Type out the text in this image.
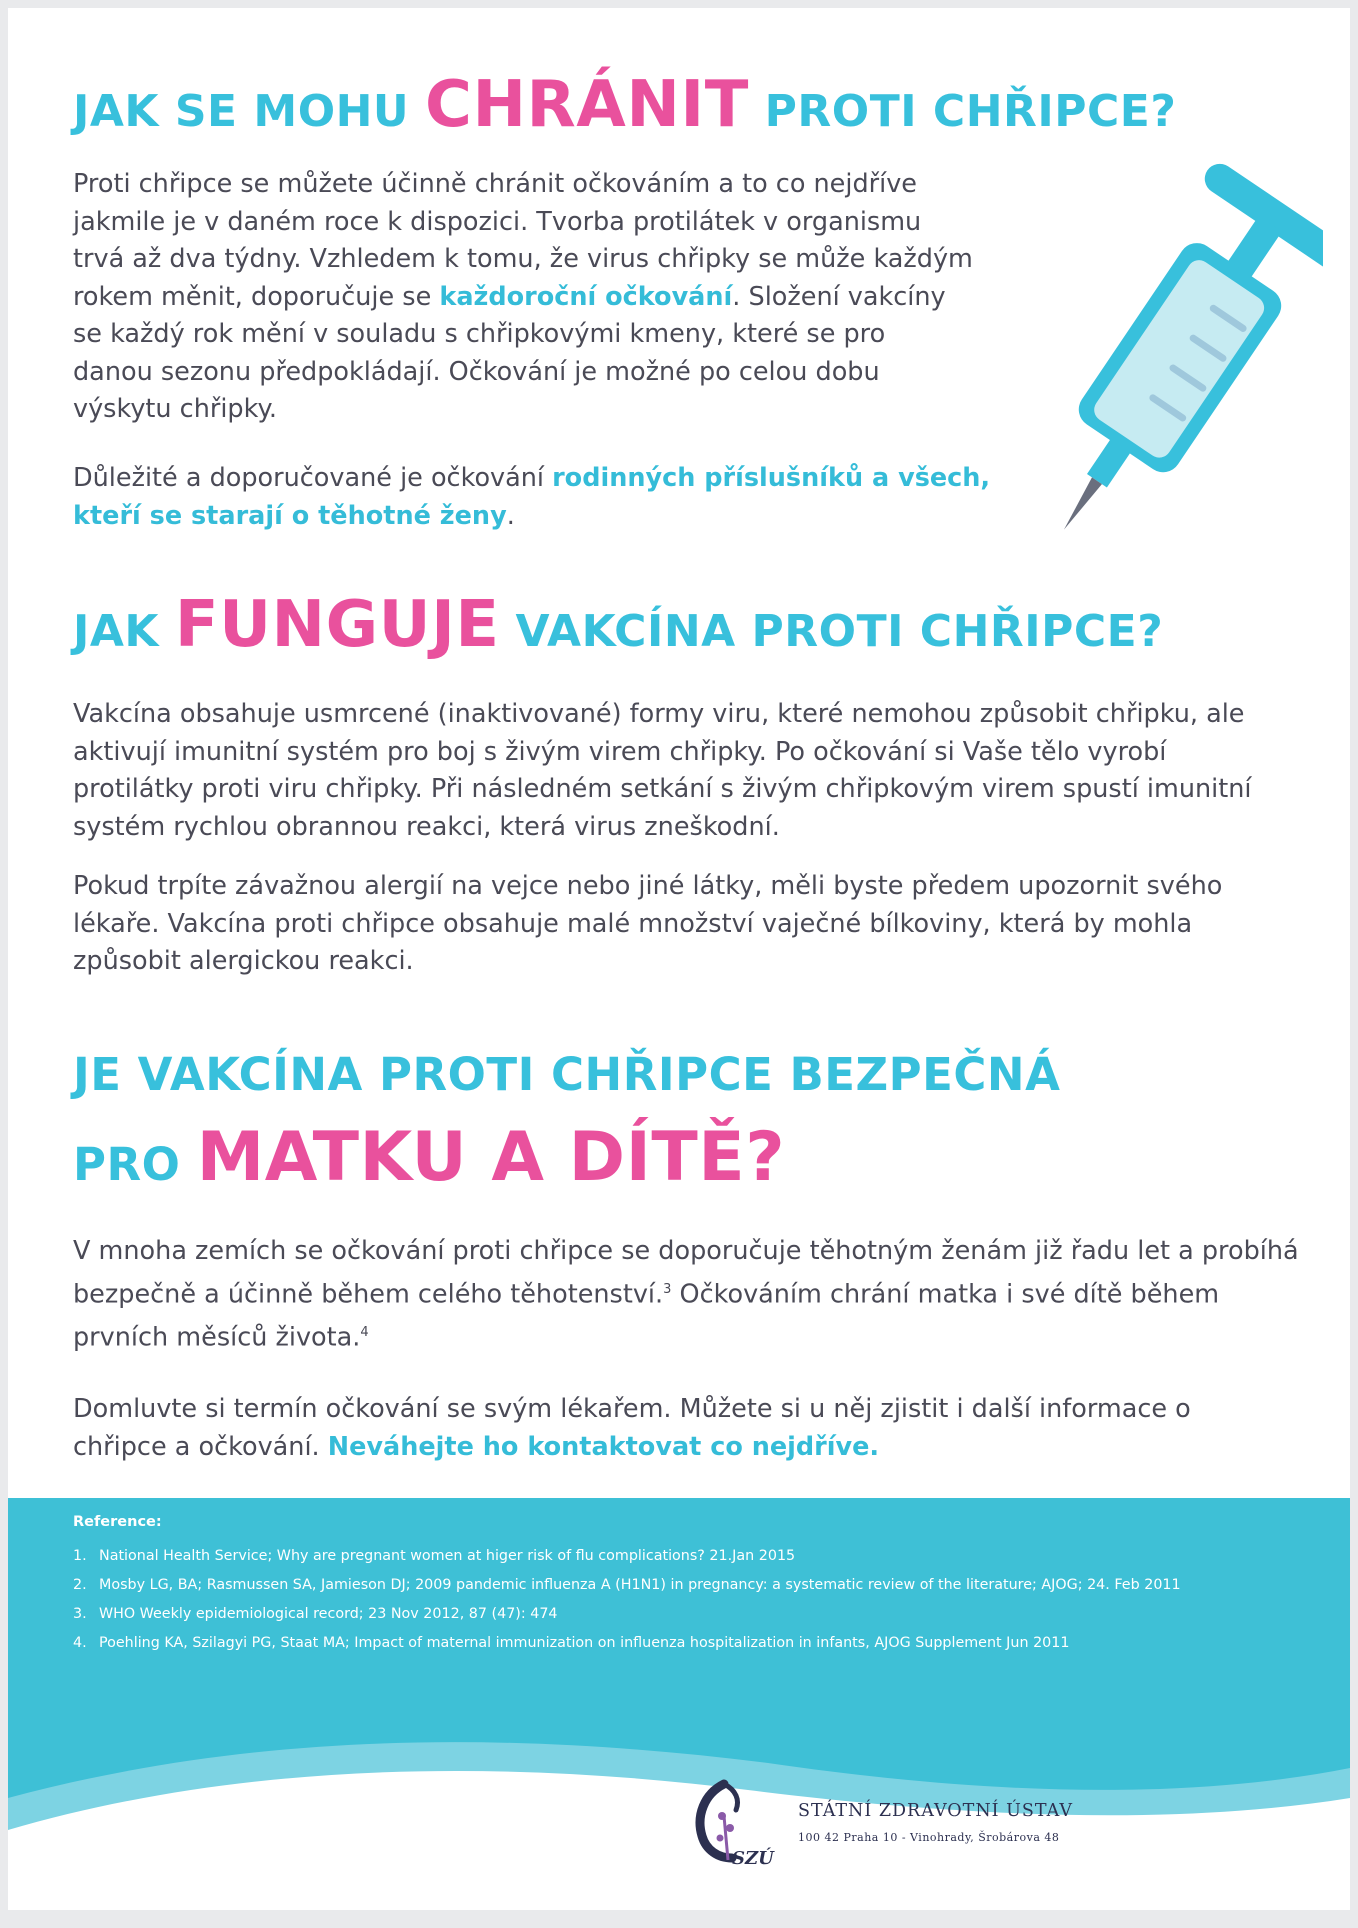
JAK SE MOHU CHRÁNIT PROTI CHŘIPCE?

Proti chřipce se můžete účinně chránit očkováním a to co nejdříve jakmile je v daném roce k dispozici. Tvorba protilátek v organismu trvá až dva týdny. Vzhledem k tomu, že virus chřipky se může každým rokem měnit, doporučuje se každoroční očkování. Složení vakcíny se každý rok mění v souladu s chřipkovými kmeny, které se pro danou sezonu předpokládají. Očkování je možné po celou dobu výskytu chřipky.

Důležité a doporučované je očkování rodinných příslušníků a všech, kteří se starají o těhotné ženy.

JAK FUNGUJE VAKCÍNA PROTI CHŘIPCE?

Vakcína obsahuje usmrcené (inaktivované) formy viru, které nemohou způsobit chřipku, ale aktivují imunitní systém pro boj s živým virem chřipky. Po očkování si Vaše tělo vyrobí protilátky proti viru chřipky. Při následném setkání s živým chřipkovým virem spustí imunitní systém rychlou obrannou reakci, která virus zneškodní.

Pokud trpíte závažnou alergií na vejce nebo jiné látky, měli byste předem upozornit svého lékaře. Vakcína proti chřipce obsahuje malé množství vaječné bílkoviny, která by mohla způsobit alergickou reakci.

JE VAKCÍNA PROTI CHŘIPCE BEZPEČNÁ
PRO MATKU A DÍTĚ?

V mnoha zemích se očkování proti chřipce se doporučuje těhotným ženám již řadu let a probíhá bezpečně a účinně během celého těhotenství.$^3$ Očkováním chrání matka i své dítě během prvních měsíců života.$^4$

Domluvte si termín očkování se svým lékařem. Můžete si u něj zjistit i další informace o chřipce a očkování. Neváhejte ho kontaktovat co nejdříve.

Reference:

1. National Health Service; Why are pregnant women at higer risk of flu complications? 21.Jan 2015
2. Mosby LG, BA; Rasmussen SA, Jamieson DJ; 2009 pandemic influenza A (H1N1) in pregnancy: a systematic review of the literature; AJOG; 24. Feb 2011
3. WHO Weekly epidemiological record; 23 Nov 2012, 87 (47): 474
4. Poehling KA, Szilagyi PG, Staat MA; Impact of maternal immunization on influenza hospitalization in infants, AJOG Supplement Jun 2011
SZÚ

STÁTNÍ ZDRAVOTNÍ ÚSTAV

100 42 Praha 10 - Vinohrady, Šrobárova 48
